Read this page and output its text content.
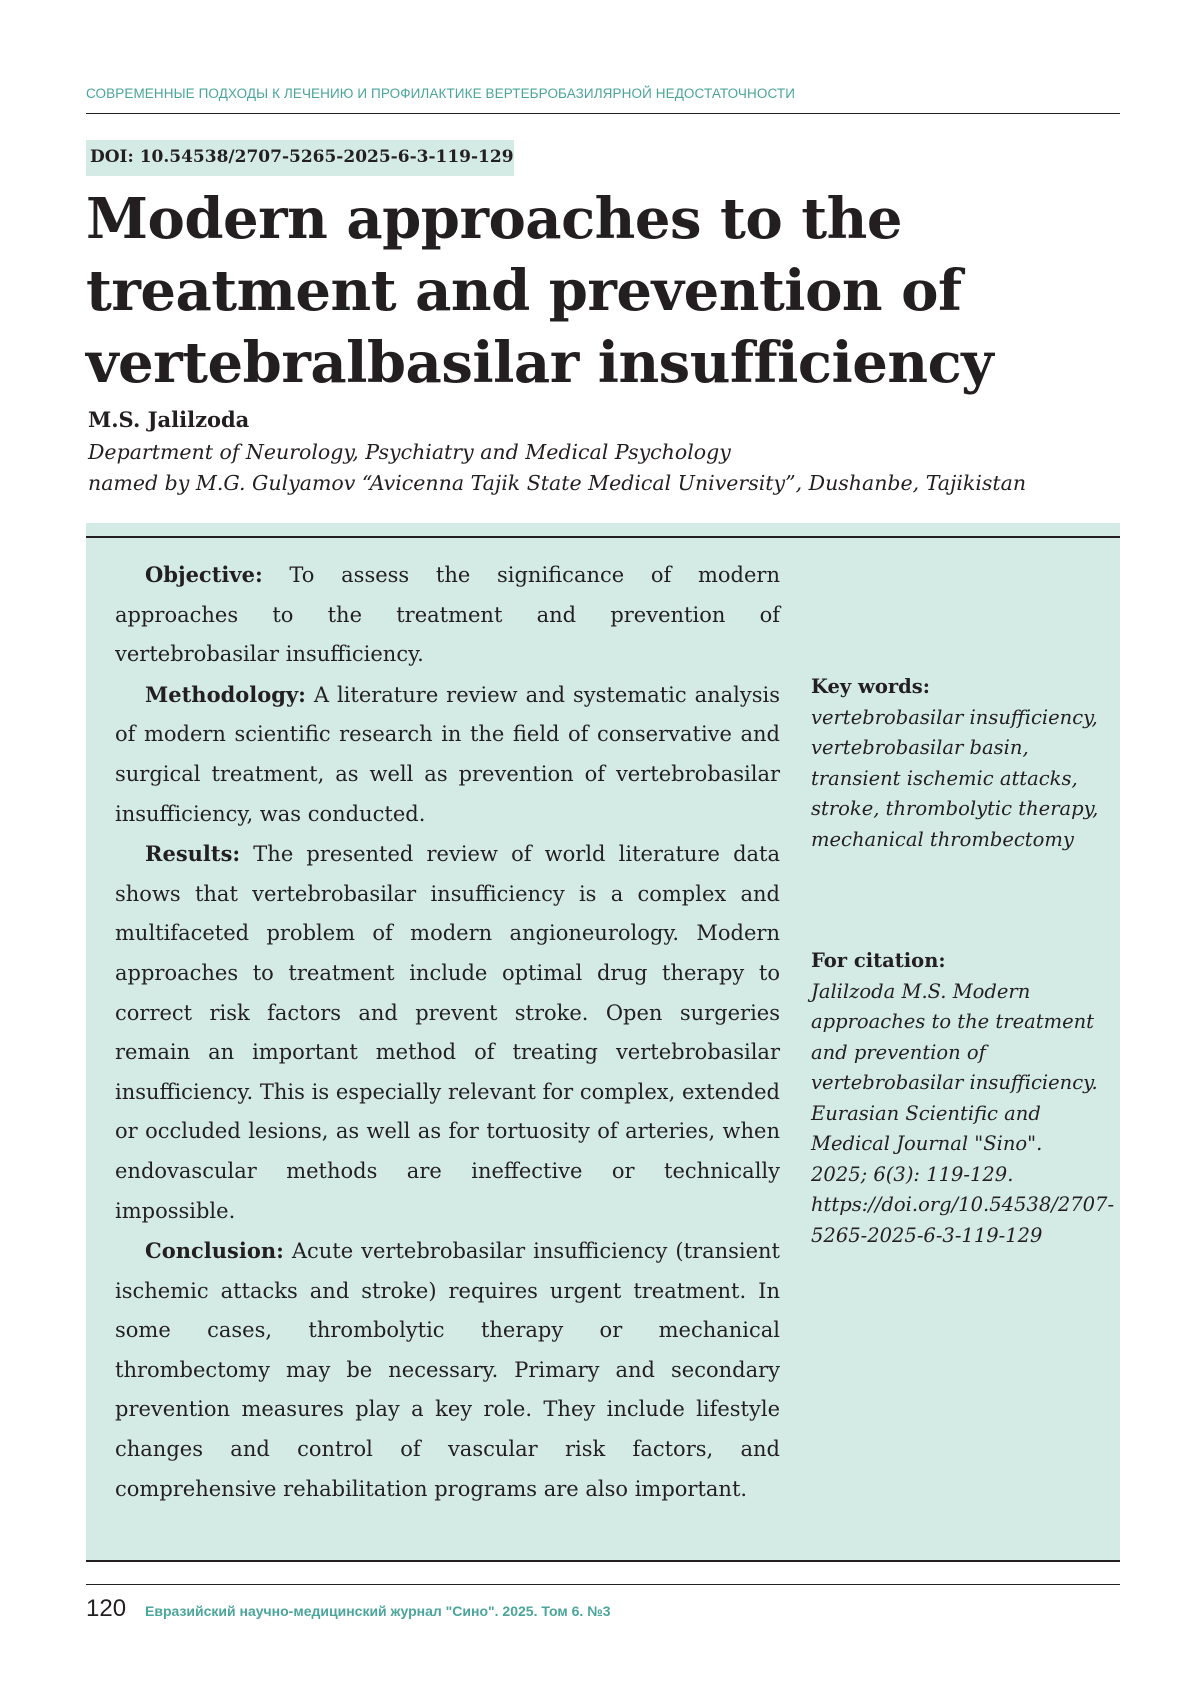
СОВРЕМЕННЫЕ ПОДХОДЫ К ЛЕЧЕНИЮ И ПРОФИЛАКТИКЕ ВЕРТЕБРОБАЗИЛЯРНОЙ НЕДОСТАТОЧНОСТИ
DOI: 10.54538/2707-5265-2025-6-3-119-129
Modern approaches to the treatment and prevention of vertebralbasilar insufficiency
M.S. Jalilzoda
Department of Neurology, Psychiatry and Medical Psychology
named by M.G. Gulyamov “Avicenna Tajik State Medical University”, Dushanbe, Tajikistan

Objective: To assess the significance of modern approaches to the treatment and prevention of vertebrobasilar insufficiency.

Methodology: A literature review and systematic analysis of modern scientific research in the field of conservative and surgical treatment, as well as prevention of vertebrobasilar insufficiency, was conducted.

Results: The presented review of world literature data shows that vertebrobasilar insufficiency is a complex and multifaceted problem of modern angioneurology. Modern approaches to treatment include optimal drug therapy to correct risk factors and prevent stroke. Open surgeries remain an important method of treating vertebrobasilar insufficiency. This is especially relevant for complex, extended or occluded lesions, as well as for tortuosity of arteries, when endovascular methods are ineffective or technically impossible.

Conclusion: Acute vertebrobasilar insufficiency (transient ischemic attacks and stroke) requires urgent treatment. In some cases, thrombolytic therapy or mechanical thrombectomy may be necessary. Primary and secondary prevention measures play a key role. They include lifestyle changes and control of vascular risk factors, and comprehensive rehabilitation programs are also important.

Key words:
vertebrobasilar insufficiency, vertebrobasilar basin, transient ischemic attacks, stroke, thrombolytic therapy, mechanical thrombectomy
For citation:
Jalilzoda M.S. Modern approaches to the treatment and prevention of vertebrobasilar insufficiency. Eurasian Scientific and Medical Journal "Sino". 2025; 6(3): 119-129. https://doi.org/10.54538/2707-5265-2025-6-3-119-129
120 Евразийский научно-медицинский журнал "Сино". 2025. Том 6. №3
